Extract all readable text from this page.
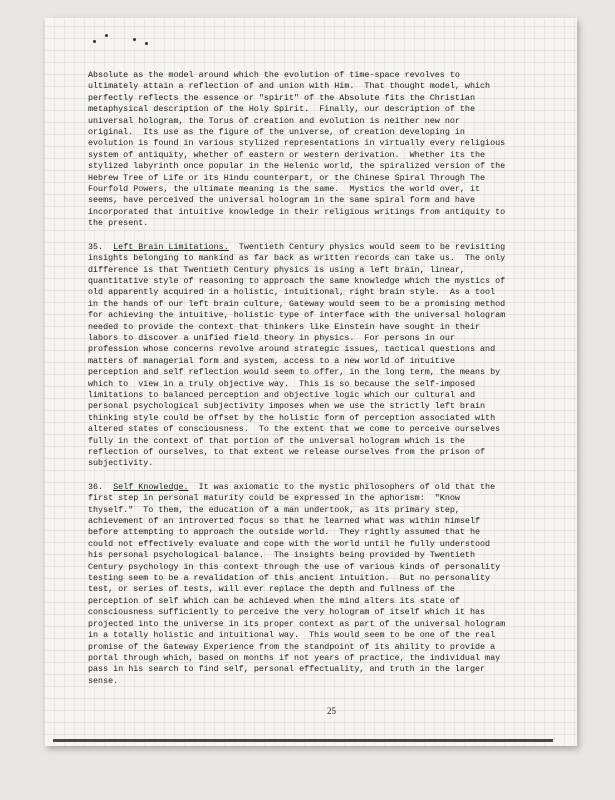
Absolute as the model around which the evolution of time-space revolves to
ultimately attain a reflection of and union with Him.  That thought model, which
perfectly reflects the essence or "spirit" of the Absolute fits the Christian
metaphysical description of the Holy Spirit.  Finally, our description of the
universal hologram, the Torus of creation and evolution is neither new nor
original.  Its use as the figure of the universe, of creation developing in
evolution is found in various stylized representations in virtually every religious
system of antiquity, whether of eastern or western derivation.  Whether its the
stylized labyrinth once popular in the Helenic world, the spiralized version of the
Hebrew Tree of Life or its Hindu counterpart, or the Chinese Spiral Through The
Fourfold Powers, the ultimate meaning is the same.  Mystics the world over, it
seems, have perceived the universal hologram in the same spiral form and have
incorporated that intuitive knowledge in their religious writings from antiquity to
the present.

35. Left Brain Limitations.  Twentieth Century physics would seem to be revisiting
insights belonging to mankind as far back as written records can take us.  The only
difference is that Twentieth Century physics is using a left brain, linear,
quantitative style of reasoning to approach the same knowledge which the mystics of
old apparently acquired in a holistic, intuitional, right brain style.  As a tool
in the hands of our left brain culture, Gateway would seem to be a promising method
for achieving the intuitive, holistic type of interface with the universal hologram
needed to provide the context that thinkers like Einstein have sought in their
labors to discover a unified field theory in physics.  For persons in our
profession whose concerns revolve around strategic issues, tactical questions and
matters of managerial form and system, access to a new world of intuitive
perception and self reflection would seem to offer, in the long term, the means by
which to  view in a truly objective way.  This is so because the self-imposed
limitations to balanced perception and objective logic which our cultural and
personal psychological subjectivity imposes when we use the strictly left brain
thinking style could be offset by the holistic form of perception associated with
altered states of consciousness.  To the extent that we come to perceive ourselves
fully in the context of that portion of the universal hologram which is the
reflection of ourselves, to that extent we release ourselves from the prison of
subjectivity.

36. Self Knowledge.  It was axiomatic to the mystic philosophers of old that the
first step in personal maturity could be expressed in the aphorism:  "Know
thyself."  To them, the education of a man undertook, as its primary step,
achievement of an introverted focus so that he learned what was within himself
before attempting to approach the outside world.  They rightly assumed that he
could not effectively evaluate and cope with the world until he fully understood
his personal psychological balance.  The insights being provided by Twentieth
Century psychology in this context through the use of various kinds of personality
testing seem to be a revalidation of this ancient intuition.  But no personality
test, or series of tests, will ever replace the depth and fullness of the
perception of self which can be achieved when the mind alters its state of
consciousness sufficiently to perceive the very hologram of itself which it has
projected into the universe in its proper context as part of the universal hologram
in a totally holistic and intuitional way.  This would seem to be one of the real
promise of the Gateway Experience from the standpoint of its ability to provide a
portal through which, based on months if not years of practice, the individual may
pass in his search to find self, personal effectuality, and truth in the larger
sense.

25
